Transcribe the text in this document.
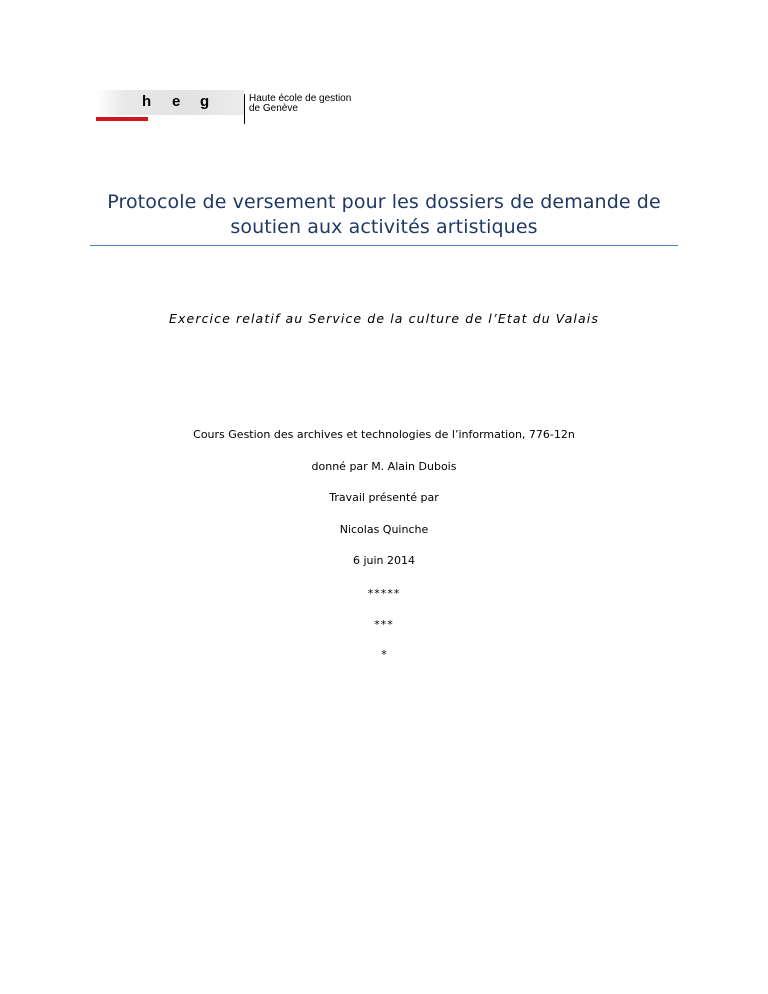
h e g	Haute école de gestion
de Genève
Protocole de versement pour les dossiers de demande de soutien aux activités artistiques
Exercice relatif au Service de la culture de l’Etat du Valais
Cours Gestion des archives et technologies de l’information, 776-12n
donné par M. Alain Dubois
Travail présenté par
Nicolas Quinche
6 juin 2014
*****
***
*
